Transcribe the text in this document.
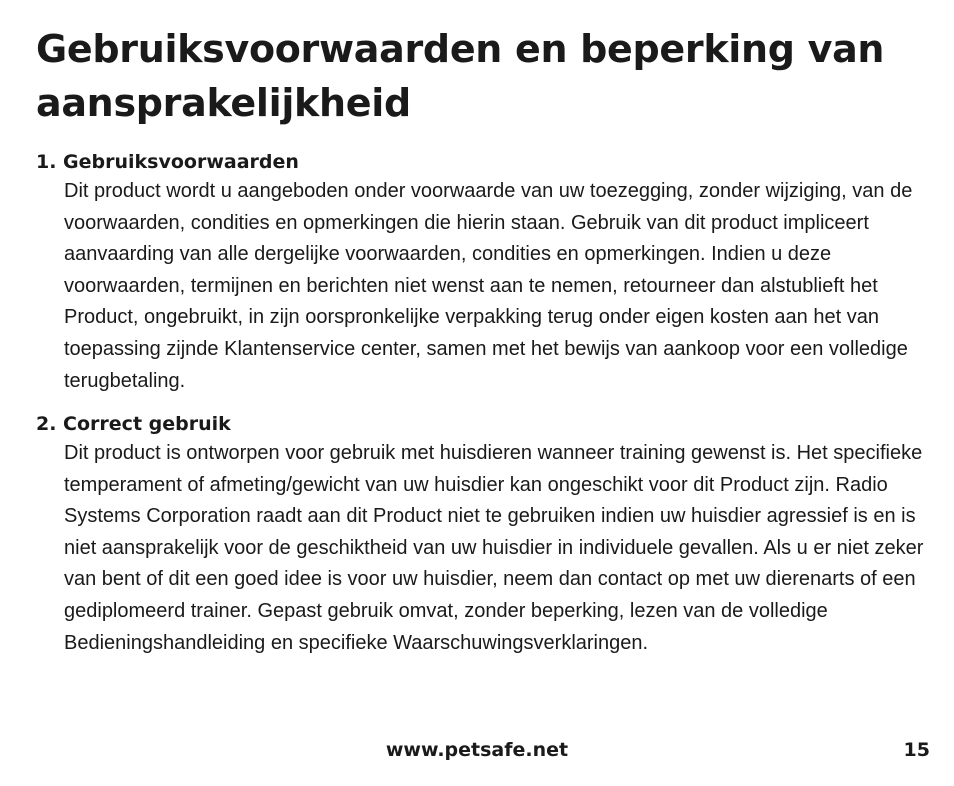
Gebruiksvoorwaarden en beperking van aansprakelijkheid
1. Gebruiksvoorwaarden

Dit product wordt u aangeboden onder voorwaarde van uw toezegging, zonder wijziging, van de voorwaarden, condities en opmerkingen die hierin staan. Gebruik van dit product impliceert aanvaarding van alle dergelijke voorwaarden, condities en opmerkingen. Indien u deze voorwaarden, termijnen en berichten niet wenst aan te nemen, retourneer dan alstublieft het Product, ongebruikt, in zijn oorspronkelijke verpakking terug onder eigen kosten aan het van toepassing zijnde Klantenservice center, samen met het bewijs van aankoop voor een volledige terugbetaling.

2. Correct gebruik

Dit product is ontworpen voor gebruik met huisdieren wanneer training gewenst is. Het specifieke temperament of afmeting/gewicht van uw huisdier kan ongeschikt voor dit Product zijn. Radio Systems Corporation raadt aan dit Product niet te gebruiken indien uw huisdier agressief is en is niet aansprakelijk voor de geschiktheid van uw huisdier in individuele gevallen. Als u er niet zeker van bent of dit een goed idee is voor uw huisdier, neem dan contact op met uw dierenarts of een gediplomeerd trainer. Gepast gebruik omvat, zonder beperking, lezen van de volledige Bedieningshandleiding en specifieke Waarschuwingsverklaringen.

www.petsafe.net	15
